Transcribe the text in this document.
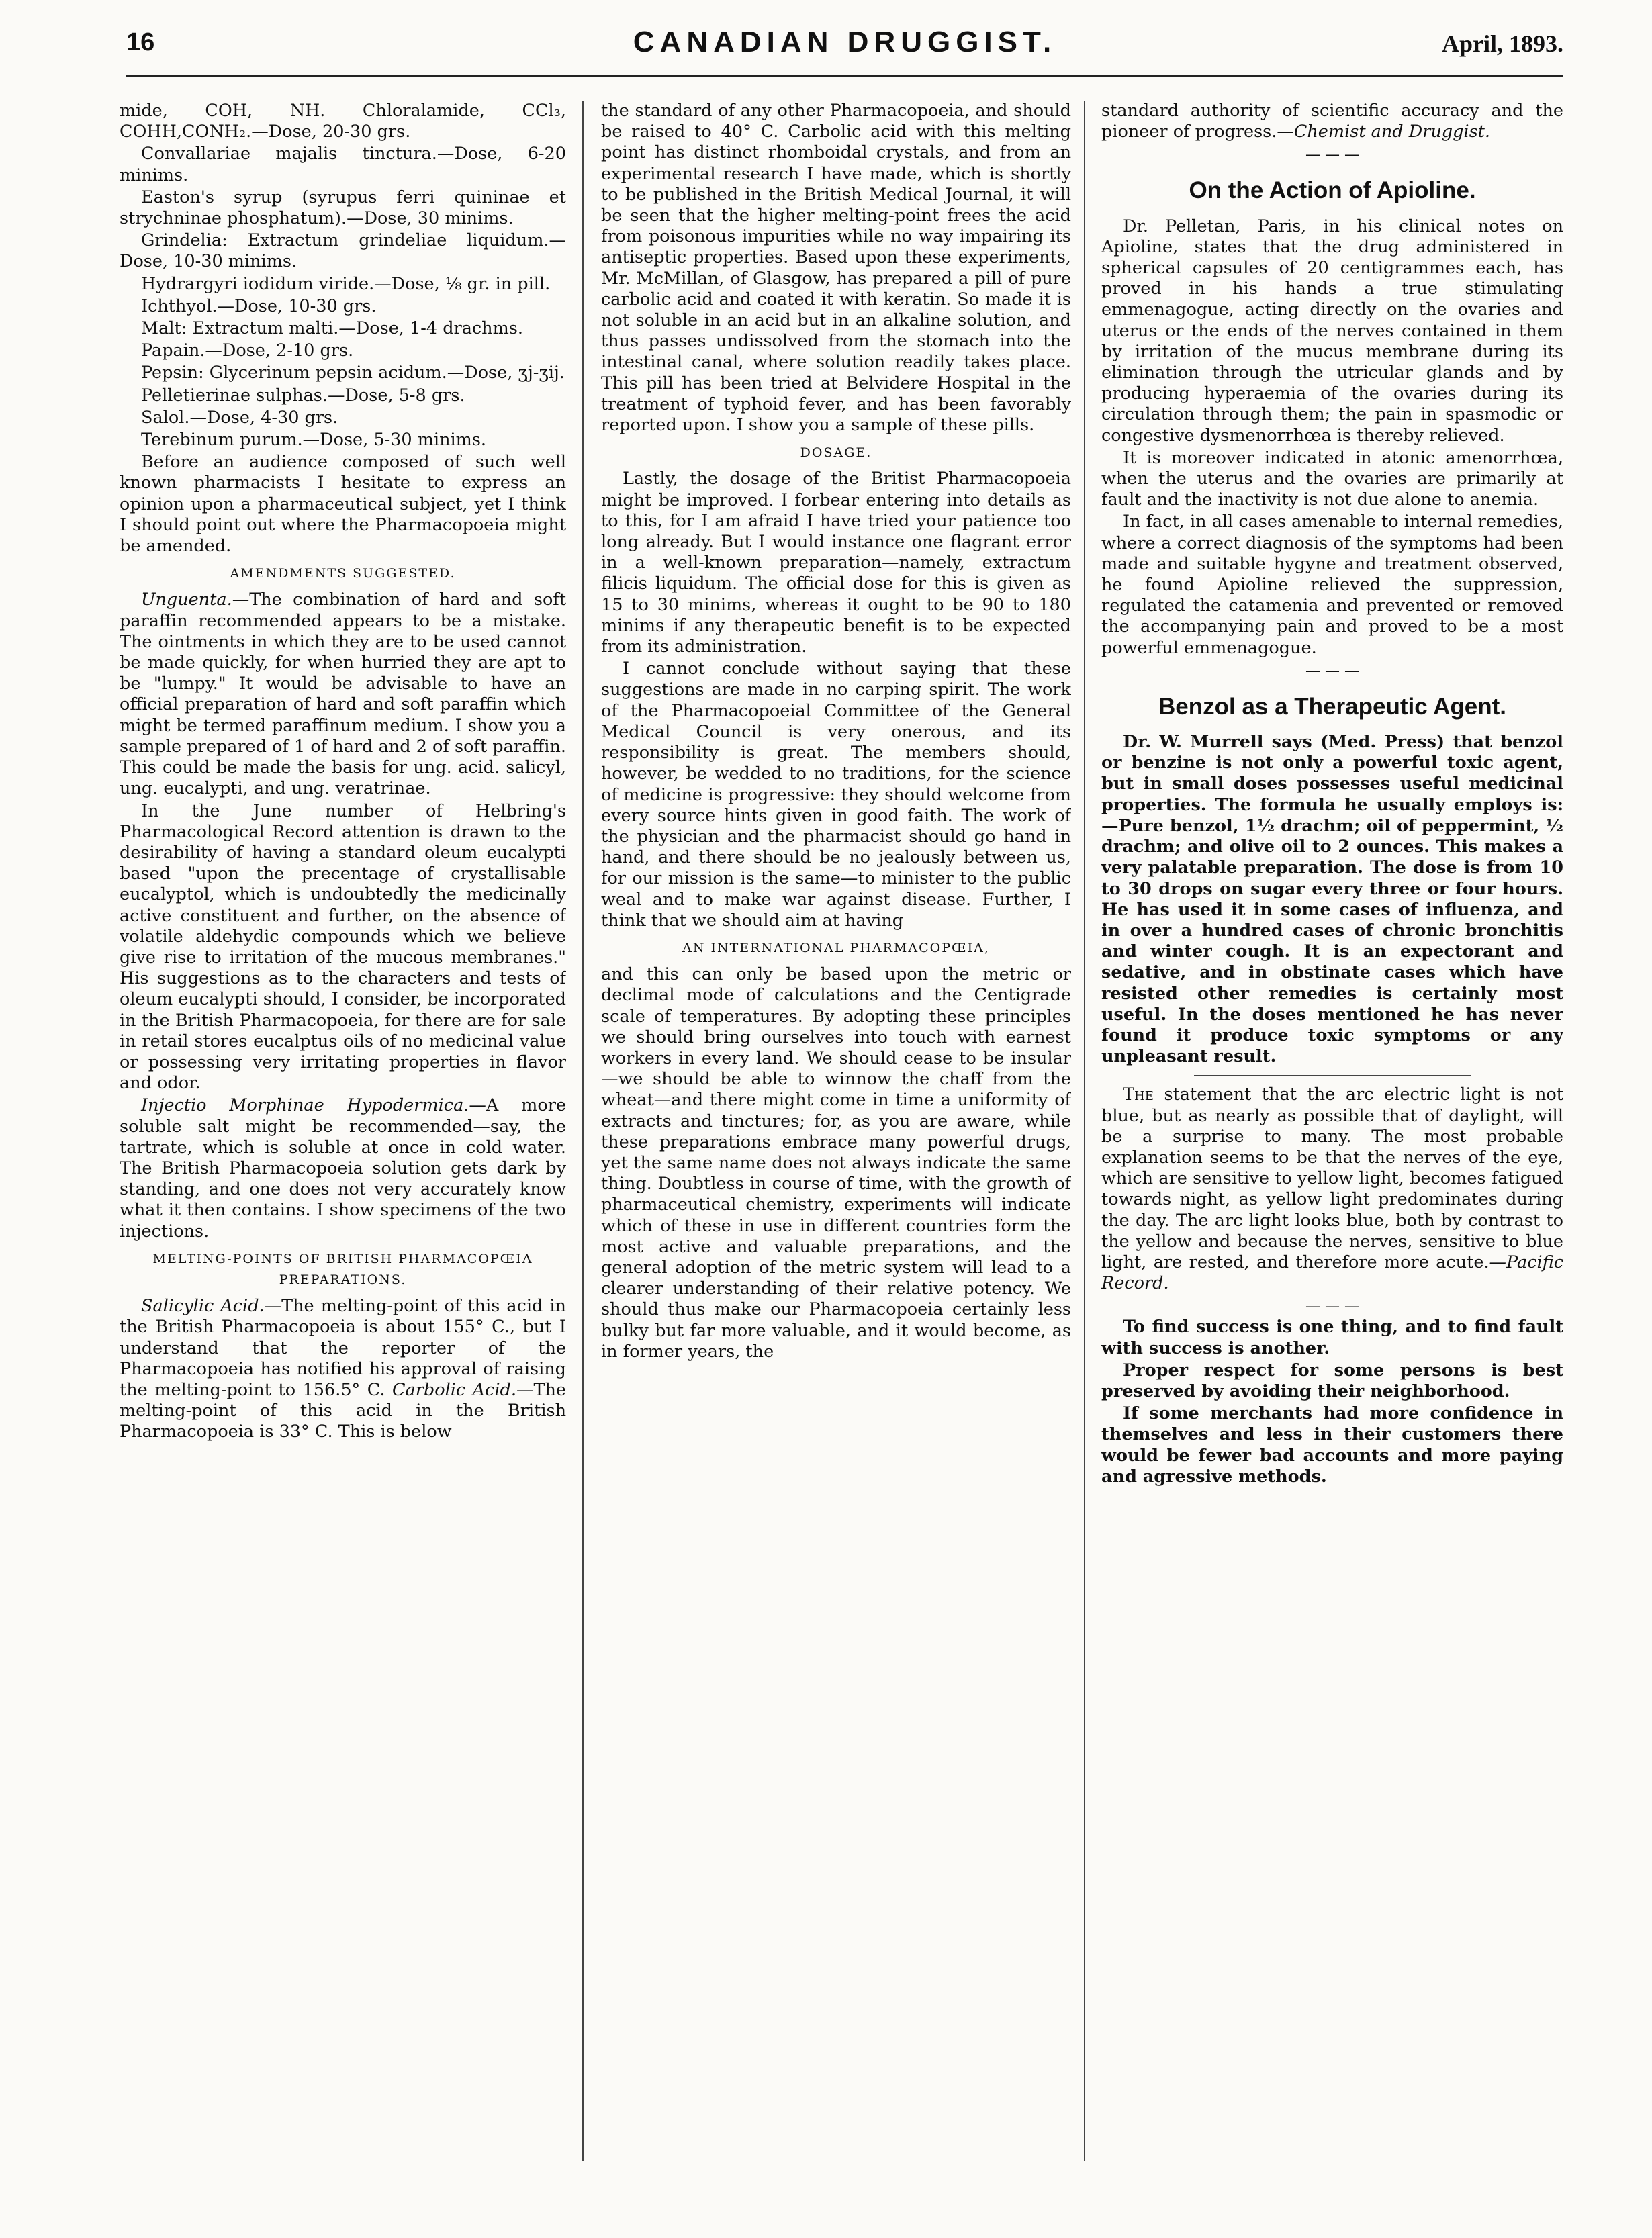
16	CANADIAN DRUGGIST.	April, 1893.

mide, COH, NH. Chloralamide, CCl₃, COHH,CONH₂.—Dose, 20-30 grs.

Convallariae majalis tinctura.—Dose, 6-20 minims.

Easton's syrup (syrupus ferri quininae et strychninae phosphatum).—Dose, 30 minims.

Grindelia: Extractum grindeliae liquidum.—Dose, 10-30 minims.

Hydrargyri iodidum viride.—Dose, ⅛ gr. in pill.

Ichthyol.—Dose, 10-30 grs.

Malt: Extractum malti.—Dose, 1-4 drachms.

Papain.—Dose, 2-10 grs.

Pepsin: Glycerinum pepsin acidum.—Dose, ʒj-ʒij.

Pelletierinae sulphas.—Dose, 5-8 grs.

Salol.—Dose, 4-30 grs.

Terebinum purum.—Dose, 5-30 minims.

Before an audience composed of such well known pharmacists I hesitate to express an opinion upon a pharmaceutical subject, yet I think I should point out where the Pharmacopoeia might be amended.

AMENDMENTS SUGGESTED.

Unguenta.—The combination of hard and soft paraffin recommended appears to be a mistake. The ointments in which they are to be used cannot be made quickly, for when hurried they are apt to be "lumpy." It would be advisable to have an official preparation of hard and soft paraffin which might be termed paraffinum medium. I show you a sample prepared of 1 of hard and 2 of soft paraffin. This could be made the basis for ung. acid. salicyl, ung. eucalypti, and ung. veratrinae.

In the June number of Helbring's Pharmacological Record attention is drawn to the desirability of having a standard oleum eucalypti based "upon the precentage of crystallisable eucalyptol, which is undoubtedly the medicinally active constituent and further, on the absence of volatile aldehydic compounds which we believe give rise to irritation of the mucous membranes." His suggestions as to the characters and tests of oleum eucalypti should, I consider, be incorporated in the British Pharmacopoeia, for there are for sale in retail stores eucalptus oils of no medicinal value or possessing very irritating properties in flavor and odor.

Injectio Morphinae Hypodermica.—A more soluble salt might be recommended—say, the tartrate, which is soluble at once in cold water. The British Pharmacopoeia solution gets dark by standing, and one does not very accurately know what it then contains. I show specimens of the two injections.

MELTING-POINTS OF BRITISH PHARMACOPŒIA PREPARATIONS.

Salicylic Acid.—The melting-point of this acid in the British Pharmacopoeia is about 155° C., but I understand that the reporter of the Pharmacopoeia has notified his approval of raising the melting-point to 156.5° C. Carbolic Acid.—The melting-point of this acid in the British Pharmacopoeia is 33° C. This is below

the standard of any other Pharmacopoeia, and should be raised to 40° C. Carbolic acid with this melting point has distinct rhomboidal crystals, and from an experimental research I have made, which is shortly to be published in the British Medical Journal, it will be seen that the higher melting-point frees the acid from poisonous impurities while no way impairing its antiseptic properties. Based upon these experiments, Mr. McMillan, of Glasgow, has prepared a pill of pure carbolic acid and coated it with keratin. So made it is not soluble in an acid but in an alkaline solution, and thus passes undissolved from the stomach into the intestinal canal, where solution readily takes place. This pill has been tried at Belvidere Hospital in the treatment of typhoid fever, and has been favorably reported upon. I show you a sample of these pills.

DOSAGE.

Lastly, the dosage of the Britist Pharmacopoeia might be improved. I forbear entering into details as to this, for I am afraid I have tried your patience too long already. But I would instance one flagrant error in a well-known preparation—namely, extractum filicis liquidum. The official dose for this is given as 15 to 30 minims, whereas it ought to be 90 to 180 minims if any therapeutic benefit is to be expected from its administration.

I cannot conclude without saying that these suggestions are made in no carping spirit. The work of the Pharmacopoeial Committee of the General Medical Council is very onerous, and its responsibility is great. The members should, however, be wedded to no traditions, for the science of medicine is progressive: they should welcome from every source hints given in good faith. The work of the physician and the pharmacist should go hand in hand, and there should be no jealously between us, for our mission is the same—to minister to the public weal and to make war against disease. Further, I think that we should aim at having

AN INTERNATIONAL PHARMACOPŒIA,

and this can only be based upon the metric or declimal mode of calculations and the Centigrade scale of temperatures. By adopting these principles we should bring ourselves into touch with earnest workers in every land. We should cease to be insular—we should be able to winnow the chaff from the wheat—and there might come in time a uniformity of extracts and tinctures; for, as you are aware, while these preparations embrace many powerful drugs, yet the same name does not always indicate the same thing. Doubtless in course of time, with the growth of pharmaceutical chemistry, experiments will indicate which of these in use in different countries form the most active and valuable preparations, and the general adoption of the metric system will lead to a clearer understanding of their relative potency. We should thus make our Pharmacopoeia certainly less bulky but far more valuable, and it would become, as in former years, the

standard authority of scientific accuracy and the pioneer of progress.—Chemist and Druggist.

— — —
On the Action of Apioline.

Dr. Pelletan, Paris, in his clinical notes on Apioline, states that the drug administered in spherical capsules of 20 centigrammes each, has proved in his hands a true stimulating emmenagogue, acting directly on the ovaries and uterus or the ends of the nerves contained in them by irritation of the mucus membrane during its elimination through the utricular glands and by producing hyperaemia of the ovaries during its circulation through them; the pain in spasmodic or congestive dysmenorrhœa is thereby relieved.

It is moreover indicated in atonic amenorrhœa, when the uterus and the ovaries are primarily at fault and the inactivity is not due alone to anemia.

In fact, in all cases amenable to internal remedies, where a correct diagnosis of the symptoms had been made and suitable hygyne and treatment observed, he found Apioline relieved the suppression, regulated the catamenia and prevented or removed the accompanying pain and proved to be a most powerful emmenagogue.

— — —
Benzol as a Therapeutic Agent.

Dr. W. Murrell says (Med. Press) that benzol or benzine is not only a powerful toxic agent, but in small doses possesses useful medicinal properties. The formula he usually employs is:—Pure benzol, 1½ drachm; oil of peppermint, ½ drachm; and olive oil to 2 ounces. This makes a very palatable preparation. The dose is from 10 to 30 drops on sugar every three or four hours. He has used it in some cases of influenza, and in over a hundred cases of chronic bronchitis and winter cough. It is an expectorant and sedative, and in obstinate cases which have resisted other remedies is certainly most useful. In the doses mentioned he has never found it produce toxic symptoms or any unpleasant result.

The statement that the arc electric light is not blue, but as nearly as possible that of daylight, will be a surprise to many. The most probable explanation seems to be that the nerves of the eye, which are sensitive to yellow light, becomes fatigued towards night, as yellow light predominates during the day. The arc light looks blue, both by contrast to the yellow and because the nerves, sensitive to blue light, are rested, and therefore more acute.—Pacific Record.

— — —

To find success is one thing, and to find fault with success is another.

Proper respect for some persons is best preserved by avoiding their neighborhood.

If some merchants had more confidence in themselves and less in their customers there would be fewer bad accounts and more paying and agressive methods.
